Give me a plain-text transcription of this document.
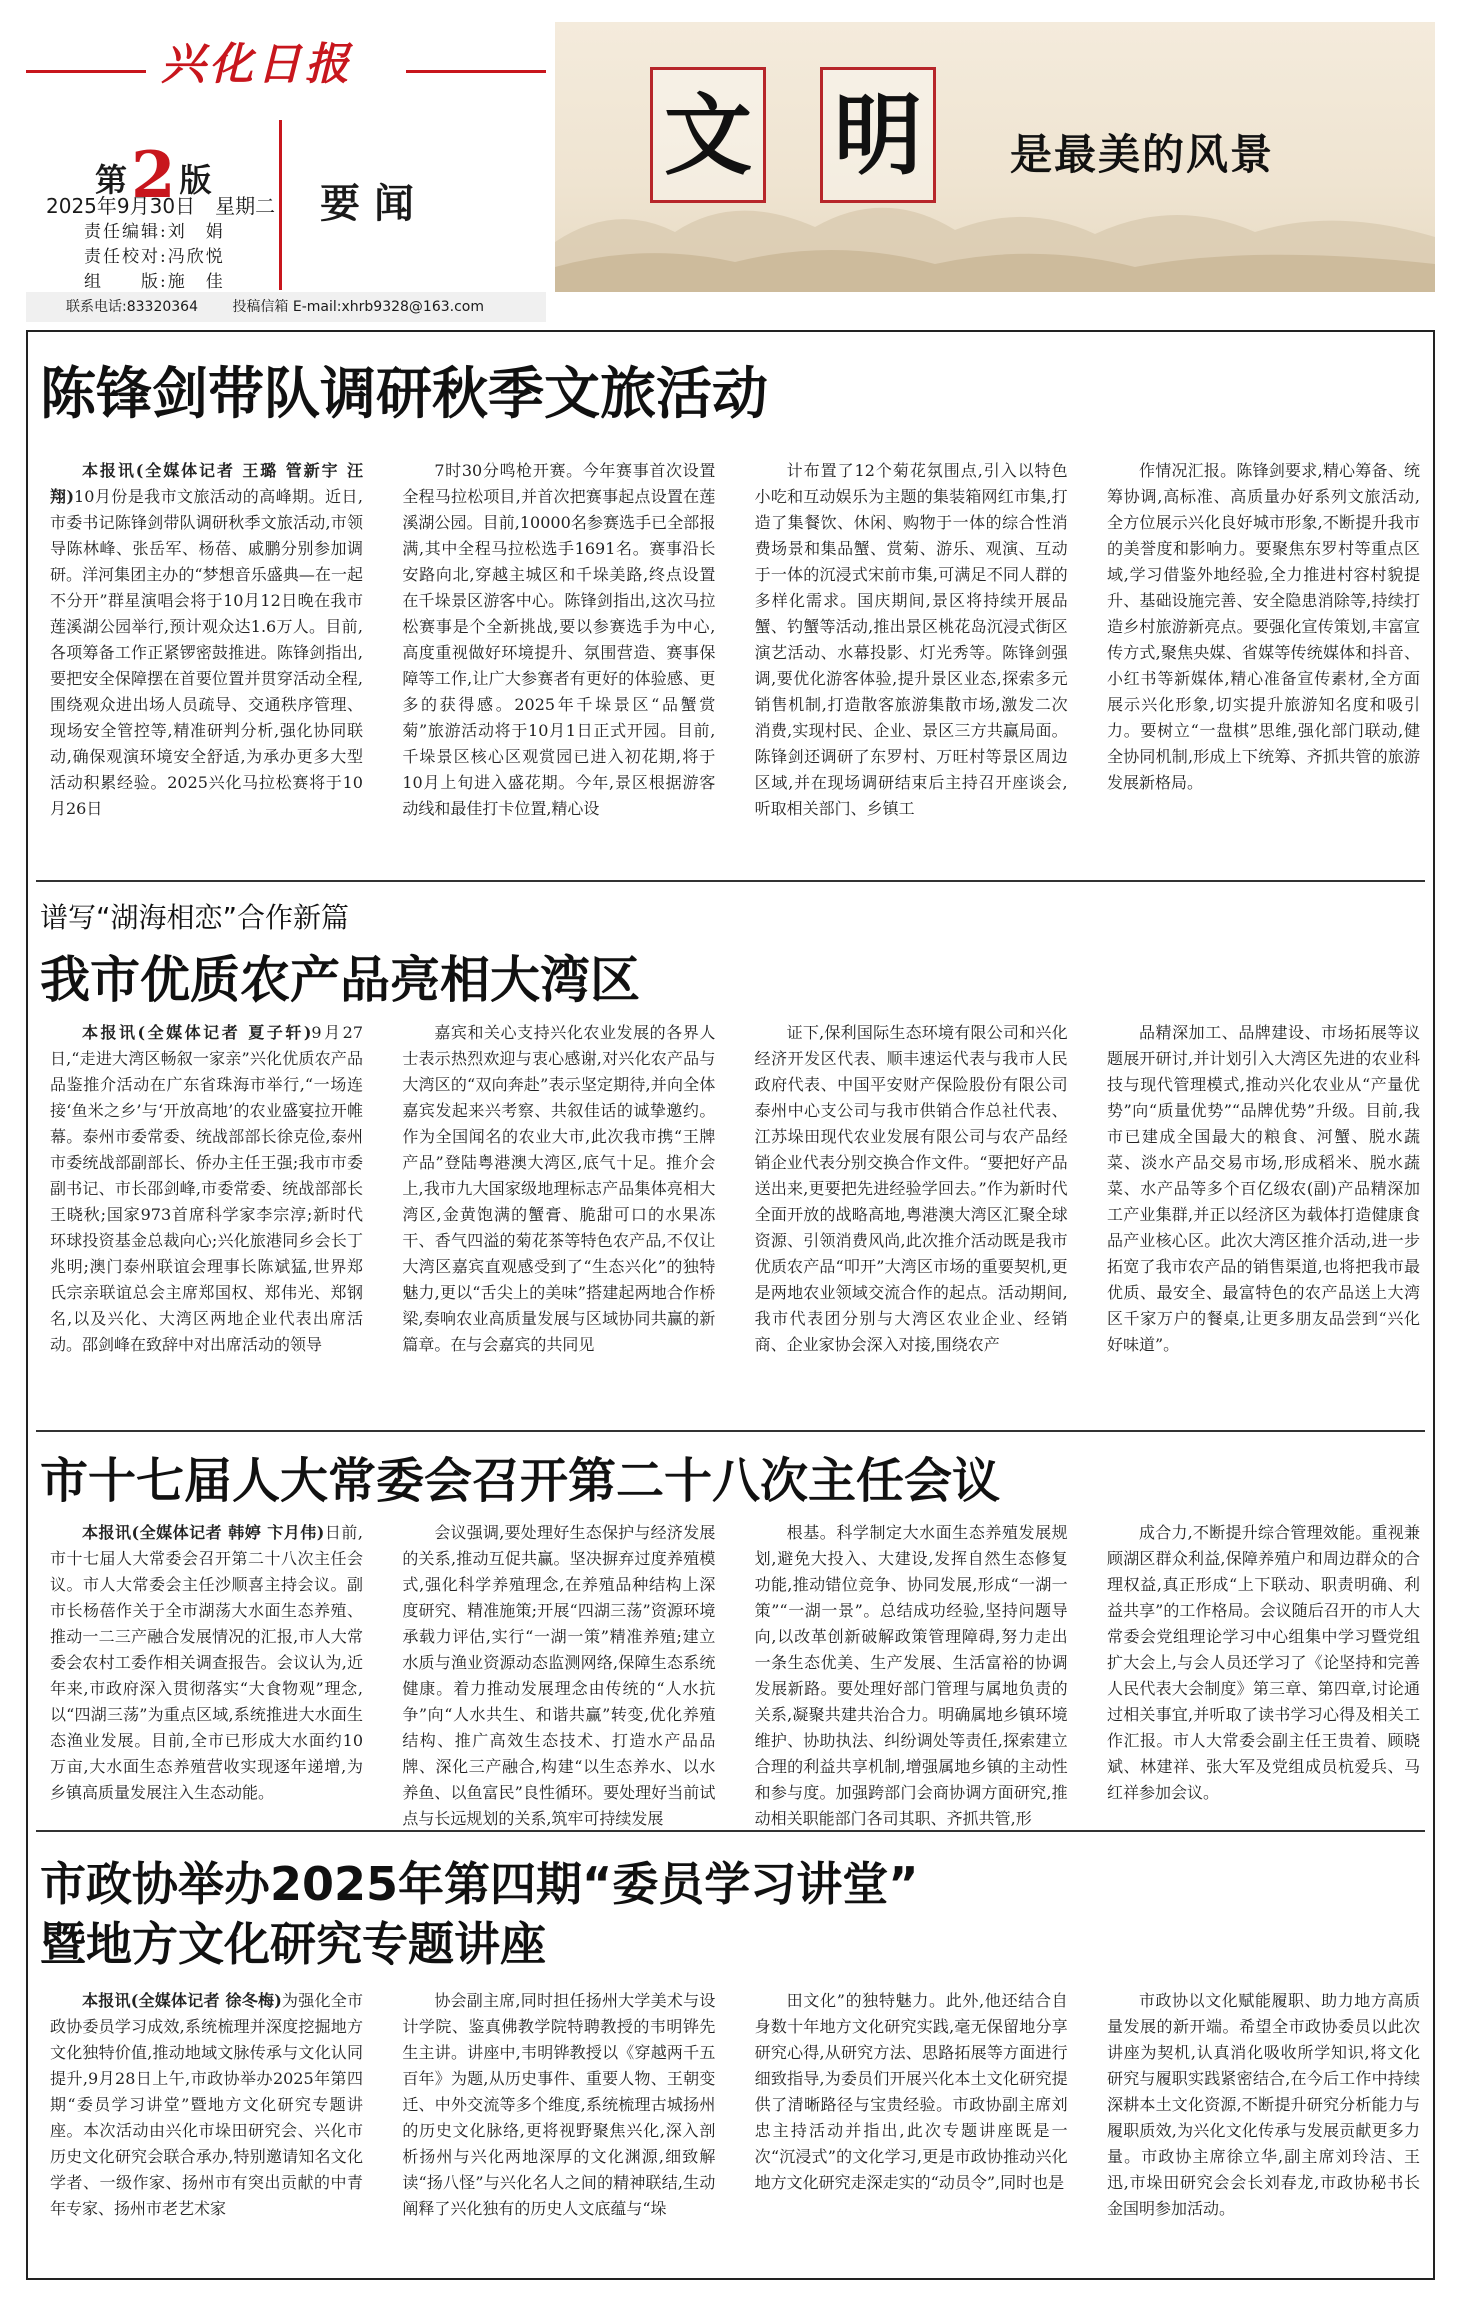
兴化日报
第2 版
2025年9月30日　星期二
责任编辑:刘　娟
责任校对:冯欣悦
组　　版:施　佳
要闻
联系电话:83320364 投稿信箱 E-mail:xhrb9328@163.com
文 明	是最美的风景
陈锋剑带队调研秋季文旅活动

本报讯(全媒体记者 王璐 管新宇 汪翔)10月份是我市文旅活动的高峰期。近日,市委书记陈锋剑带队调研秋季文旅活动,市领导陈林峰、张岳军、杨蓓、戚鹏分别参加调研。洋河集团主办的“梦想音乐盛典—在一起不分开”群星演唱会将于10月12日晚在我市莲溪湖公园举行,预计观众达1.6万人。目前,各项筹备工作正紧锣密鼓推进。陈锋剑指出,要把安全保障摆在首要位置并贯穿活动全程,围绕观众进出场人员疏导、交通秩序管理、现场安全管控等,精准研判分析,强化协同联动,确保观演环境安全舒适,为承办更多大型活动积累经验。2025兴化马拉松赛将于10月26日

7时30分鸣枪开赛。今年赛事首次设置全程马拉松项目,并首次把赛事起点设置在莲溪湖公园。目前,10000名参赛选手已全部报满,其中全程马拉松选手1691名。赛事沿长安路向北,穿越主城区和千垛美路,终点设置在千垛景区游客中心。陈锋剑指出,这次马拉松赛事是个全新挑战,要以参赛选手为中心,高度重视做好环境提升、氛围营造、赛事保障等工作,让广大参赛者有更好的体验感、更多的获得感。2025年千垛景区“品蟹赏菊”旅游活动将于10月1日正式开园。目前,千垛景区核心区观赏园已进入初花期,将于10月上旬进入盛花期。今年,景区根据游客动线和最佳打卡位置,精心设

计布置了12个菊花氛围点,引入以特色小吃和互动娱乐为主题的集装箱网红市集,打造了集餐饮、休闲、购物于一体的综合性消费场景和集品蟹、赏菊、游乐、观演、互动于一体的沉浸式宋前市集,可满足不同人群的多样化需求。国庆期间,景区将持续开展品蟹、钓蟹等活动,推出景区桃花岛沉浸式街区演艺活动、水幕投影、灯光秀等。陈锋剑强调,要优化游客体验,提升景区业态,探索多元销售机制,打造散客旅游集散市场,激发二次消费,实现村民、企业、景区三方共赢局面。陈锋剑还调研了东罗村、万旺村等景区周边区域,并在现场调研结束后主持召开座谈会,听取相关部门、乡镇工

作情况汇报。陈锋剑要求,精心筹备、统筹协调,高标准、高质量办好系列文旅活动,全方位展示兴化良好城市形象,不断提升我市的美誉度和影响力。要聚焦东罗村等重点区域,学习借鉴外地经验,全力推进村容村貌提升、基础设施完善、安全隐患消除等,持续打造乡村旅游新亮点。要强化宣传策划,丰富宣传方式,聚焦央媒、省媒等传统媒体和抖音、小红书等新媒体,精心准备宣传素材,全方面展示兴化形象,切实提升旅游知名度和吸引力。要树立“一盘棋”思维,强化部门联动,健全协同机制,形成上下统筹、齐抓共管的旅游发展新格局。

谱写“湖海相恋”合作新篇
我市优质农产品亮相大湾区

本报讯(全媒体记者 夏子轩)9月27日,“走进大湾区畅叙一家亲”兴化优质农产品品鉴推介活动在广东省珠海市举行,“一场连接‘鱼米之乡’与‘开放高地’的农业盛宴拉开帷幕。泰州市委常委、统战部部长徐克俭,泰州市委统战部副部长、侨办主任王强;我市市委副书记、市长邵剑峰,市委常委、统战部部长王晓秋;国家973首席科学家李宗淳;新时代环球投资基金总裁向心;兴化旅港同乡会长丁兆明;澳门泰州联谊会理事长陈斌猛,世界郑氏宗亲联谊总会主席郑国权、郑伟光、郑钢名,以及兴化、大湾区两地企业代表出席活动。邵剑峰在致辞中对出席活动的领导

嘉宾和关心支持兴化农业发展的各界人士表示热烈欢迎与衷心感谢,对兴化农产品与大湾区的“双向奔赴”表示坚定期待,并向全体嘉宾发起来兴考察、共叙佳话的诚挚邀约。作为全国闻名的农业大市,此次我市携“王牌产品”登陆粤港澳大湾区,底气十足。推介会上,我市九大国家级地理标志产品集体亮相大湾区,金黄饱满的蟹膏、脆甜可口的水果冻干、香气四溢的菊花茶等特色农产品,不仅让大湾区嘉宾直观感受到了“生态兴化”的独特魅力,更以“舌尖上的美味”搭建起两地合作桥梁,奏响农业高质量发展与区域协同共赢的新篇章。在与会嘉宾的共同见

证下,保利国际生态环境有限公司和兴化经济开发区代表、顺丰速运代表与我市人民政府代表、中国平安财产保险股份有限公司泰州中心支公司与我市供销合作总社代表、江苏垛田现代农业发展有限公司与农产品经销企业代表分别交换合作文件。“要把好产品送出来,更要把先进经验学回去。”作为新时代全面开放的战略高地,粤港澳大湾区汇聚全球资源、引领消费风尚,此次推介活动既是我市优质农产品“叩开”大湾区市场的重要契机,更是两地农业领域交流合作的起点。活动期间,我市代表团分别与大湾区农业企业、经销商、企业家协会深入对接,围绕农产

品精深加工、品牌建设、市场拓展等议题展开研讨,并计划引入大湾区先进的农业科技与现代管理模式,推动兴化农业从“产量优势”向“质量优势”“品牌优势”升级。目前,我市已建成全国最大的粮食、河蟹、脱水蔬菜、淡水产品交易市场,形成稻米、脱水蔬菜、水产品等多个百亿级农(副)产品精深加工产业集群,并正以经济区为载体打造健康食品产业核心区。此次大湾区推介活动,进一步拓宽了我市农产品的销售渠道,也将把我市最优质、最安全、最富特色的农产品送上大湾区千家万户的餐桌,让更多朋友品尝到“兴化好味道”。

市十七届人大常委会召开第二十八次主任会议

本报讯(全媒体记者 韩婷 卞月伟)日前,市十七届人大常委会召开第二十八次主任会议。市人大常委会主任沙顺喜主持会议。副市长杨蓓作关于全市湖荡大水面生态养殖、推动一二三产融合发展情况的汇报,市人大常委会农村工委作相关调查报告。会议认为,近年来,市政府深入贯彻落实“大食物观”理念,以“四湖三荡”为重点区域,系统推进大水面生态渔业发展。目前,全市已形成大水面约10万亩,大水面生态养殖营收实现逐年递增,为乡镇高质量发展注入生态动能。

会议强调,要处理好生态保护与经济发展的关系,推动互促共赢。坚决摒弃过度养殖模式,强化科学养殖理念,在养殖品种结构上深度研究、精准施策;开展“四湖三荡”资源环境承载力评估,实行“一湖一策”精准养殖;建立水质与渔业资源动态监测网络,保障生态系统健康。着力推动发展理念由传统的“人水抗争”向“人水共生、和谐共赢”转变,优化养殖结构、推广高效生态技术、打造水产品品牌、深化三产融合,构建“以生态养水、以水养鱼、以鱼富民”良性循环。要处理好当前试点与长远规划的关系,筑牢可持续发展

根基。科学制定大水面生态养殖发展规划,避免大投入、大建设,发挥自然生态修复功能,推动错位竞争、协同发展,形成“一湖一策”“一湖一景”。总结成功经验,坚持问题导向,以改革创新破解政策管理障碍,努力走出一条生态优美、生产发展、生活富裕的协调发展新路。要处理好部门管理与属地负责的关系,凝聚共建共治合力。明确属地乡镇环境维护、协助执法、纠纷调处等责任,探索建立合理的利益共享机制,增强属地乡镇的主动性和参与度。加强跨部门会商协调方面研究,推动相关职能部门各司其职、齐抓共管,形

成合力,不断提升综合管理效能。重视兼顾湖区群众利益,保障养殖户和周边群众的合理权益,真正形成“上下联动、职责明确、利益共享”的工作格局。会议随后召开的市人大常委会党组理论学习中心组集中学习暨党组扩大会上,与会人员还学习了《论坚持和完善人民代表大会制度》第三章、第四章,讨论通过相关事宜,并听取了读书学习心得及相关工作汇报。市人大常委会副主任王贵着、顾晓斌、林建祥、张大军及党组成员杭爱兵、马红祥参加会议。

市政协举办2025年第四期“委员学习讲堂”
暨地方文化研究专题讲座

本报讯(全媒体记者 徐冬梅)为强化全市政协委员学习成效,系统梳理并深度挖掘地方文化独特价值,推动地域文脉传承与文化认同提升,9月28日上午,市政协举办2025年第四期“委员学习讲堂”暨地方文化研究专题讲座。本次活动由兴化市垛田研究会、兴化市历史文化研究会联合承办,特别邀请知名文化学者、一级作家、扬州市有突出贡献的中青年专家、扬州市老艺术家

协会副主席,同时担任扬州大学美术与设计学院、鉴真佛教学院特聘教授的韦明铧先生主讲。讲座中,韦明铧教授以《穿越两千五百年》为题,从历史事件、重要人物、王朝变迁、中外交流等多个维度,系统梳理古城扬州的历史文化脉络,更将视野聚焦兴化,深入剖析扬州与兴化两地深厚的文化渊源,细致解读“扬八怪”与兴化名人之间的精神联结,生动阐释了兴化独有的历史人文底蕴与“垛

田文化”的独特魅力。此外,他还结合自身数十年地方文化研究实践,毫无保留地分享研究心得,从研究方法、思路拓展等方面进行细致指导,为委员们开展兴化本土文化研究提供了清晰路径与宝贵经验。市政协副主席刘忠主持活动并指出,此次专题讲座既是一次“沉浸式”的文化学习,更是市政协推动兴化地方文化研究走深走实的“动员令”,同时也是

市政协以文化赋能履职、助力地方高质量发展的新开端。希望全市政协委员以此次讲座为契机,认真消化吸收所学知识,将文化研究与履职实践紧密结合,在今后工作中持续深耕本土文化资源,不断提升研究分析能力与履职质效,为兴化文化传承与发展贡献更多力量。市政协主席徐立华,副主席刘玲洁、王迅,市垛田研究会会长刘春龙,市政协秘书长金国明参加活动。
